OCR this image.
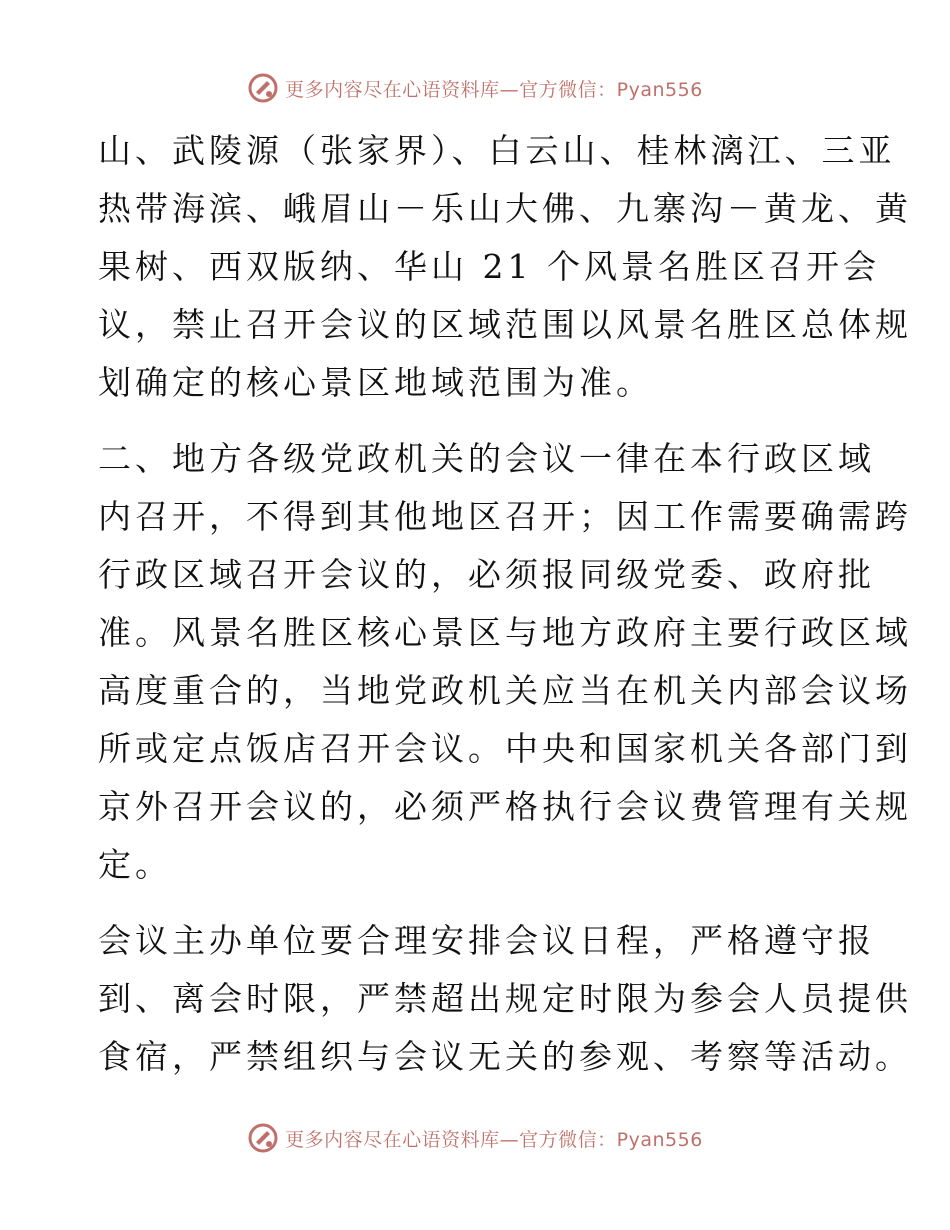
更多内容尽在心语资料库—官方微信：Pyan556

山、武陵源（张家界）、白云山、桂林漓江、三亚
热带海滨、峨眉山－乐山大佛、九寨沟－黄龙、黄
果树、西双版纳、华山 21 个风景名胜区召开会
议，禁止召开会议的区域范围以风景名胜区总体规
划确定的核心景区地域范围为准。

二、地方各级党政机关的会议一律在本行政区域
内召开，不得到其他地区召开；因工作需要确需跨
行政区域召开会议的，必须报同级党委、政府批
准。风景名胜区核心景区与地方政府主要行政区域
高度重合的，当地党政机关应当在机关内部会议场
所或定点饭店召开会议。中央和国家机关各部门到
京外召开会议的，必须严格执行会议费管理有关规
定。

会议主办单位要合理安排会议日程，严格遵守报
到、离会时限，严禁超出规定时限为参会人员提供
食宿，严禁组织与会议无关的参观、考察等活动。

更多内容尽在心语资料库—官方微信：Pyan556
